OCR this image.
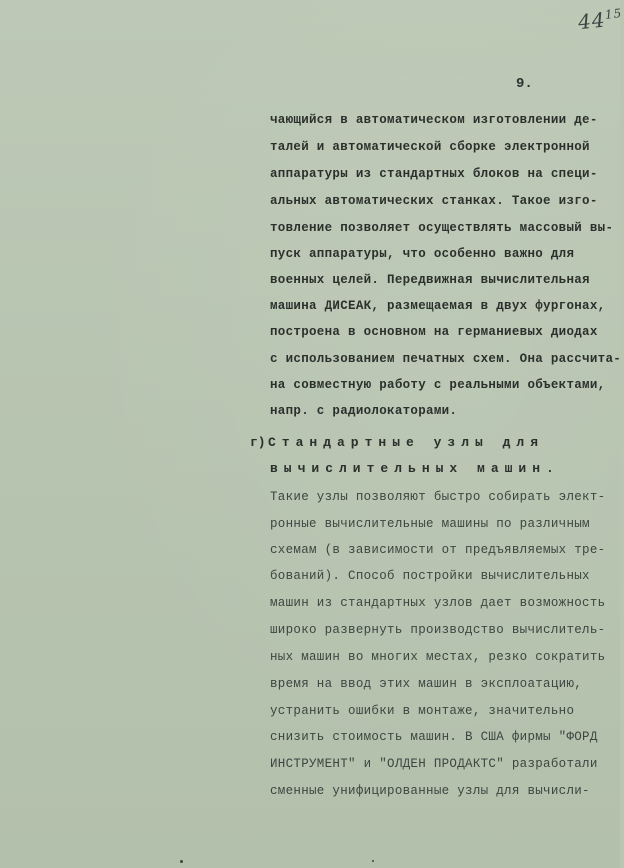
$44^{15}$
9.
чающийся в автоматическом изготовлении де-
талей и автоматической сборке электронной
аппаратуры из стандартных блоков на специ-
альных автоматических станках. Такое изго-
товление позволяет осуществлять массовый вы-
пуск аппаратуры, что особенно важно для
военных целей. Передвижная вычислительная
машина ДИСЕАК, размещаемая в двух фургонах,
построена в основном на германиевых диодах
с использованием печатных схем. Она рассчита-
на совместную работу с реальными объектами,
напр. с радиолокаторами.
г) Стандартные узлы для
вычислительных машин.
Такие узлы позволяют быстро собирать элект-
ронные вычислительные машины по различным
схемам (в зависимости от предъявляемых тре-
бований). Способ постройки вычислительных
машин из стандартных узлов дает возможность
широко развернуть производство вычислитель-
ных машин во многих местах, резко сократить
время на ввод этих машин в эксплоатацию,
устранить ошибки в монтаже, значительно
снизить стоимость машин. В США фирмы "ФОРД
ИНСТРУМЕНТ" и "ОЛДЕН ПРОДАКТС" разработали
сменные унифицированные узлы для вычисли-
